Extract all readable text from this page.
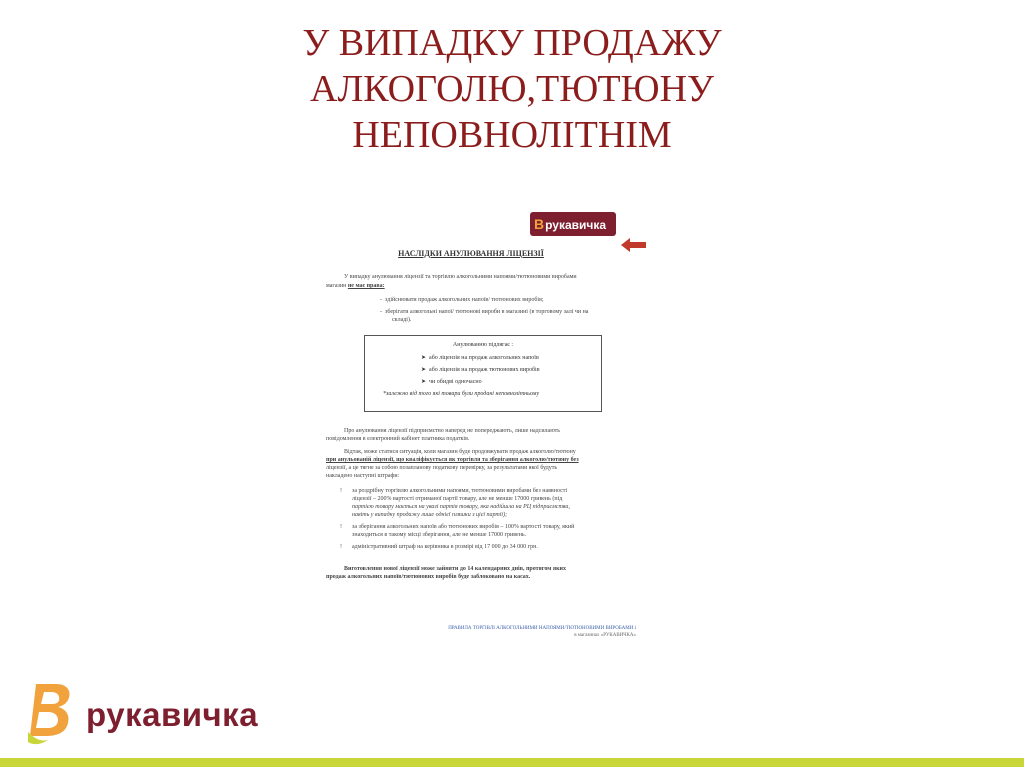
У ВИПАДКУ ПРОДАЖУ
АЛКОГОЛЮ,ТЮТЮНУ
НЕПОВНОЛІТНІМ
Врукавичка
НАСЛІДКИ АНУЛЮВАННЯ ЛІЦЕНЗІЇ

У випадку анулювання ліцензії та торгівлю алкогольними напоями/тютюновими виробами

магазин не має права:

-  здійснювати продаж алкогольних напоїв/ тютюнових виробів;

-  зберігати алкогольні напої/ тютюнові вироби в магазині (в торговому залі чи на

складі).

Анулюванню підлягає :
➤  або ліцензія на продаж алкогольних напоїв
➤  або ліцензія на продаж тютюнових виробів
➤  чи обидві одночасно
*залежно від того які товари були продані неповнолітньому

Про анулювання ліцензії підприємство наперед не попереджають, лише надсилають

повідомлення в електронний кабінет платника податків.

Відтак, може статися ситуація, коли магазин буде продовжувати продаж алкоголю/тютюну

при анульованій ліцензії, що кваліфікується як торгівля та зберігання алкоголю/тютюну без

ліцензії, а це тягне за собою позапланову податкову перевірку, за результатами якої будуть

накладено наступні штрафи:

! за роздрібну торгівлю алкогольними напоями, тютюновими виробами без наявності

ліцензії – 200% вартості отриманої партії товару, але не менше 17000 гривень (під

партією товару мається на увазі партія товару, яка надійшла на РЦ підприємства,

навіть у випадку продажу лише однієї пляшки з цієї партії);

! за зберігання алкогольних напоїв або тютюнових виробів – 100% вартості товару, який

знаходиться в такому місці зберігання, але не менше 17000 гривень.

! адміністративний штраф на керівника в розмірі від 17 000 до 34 000 грн.

Виготовлення нової ліцензії може зайняти до 14 календарних днів, протягом яких

продаж алкогольних напоїв/тютюнових виробів буде заблоковано на касах.

ПРАВИЛА ТОРГІВЛІ АЛКОГОЛЬНИМИ НАПОЯМИ/ТЮТЮНОВИМИ ВИРОБАМИ і
в магазинах «РУКАВИЧКА»
рукавичка
